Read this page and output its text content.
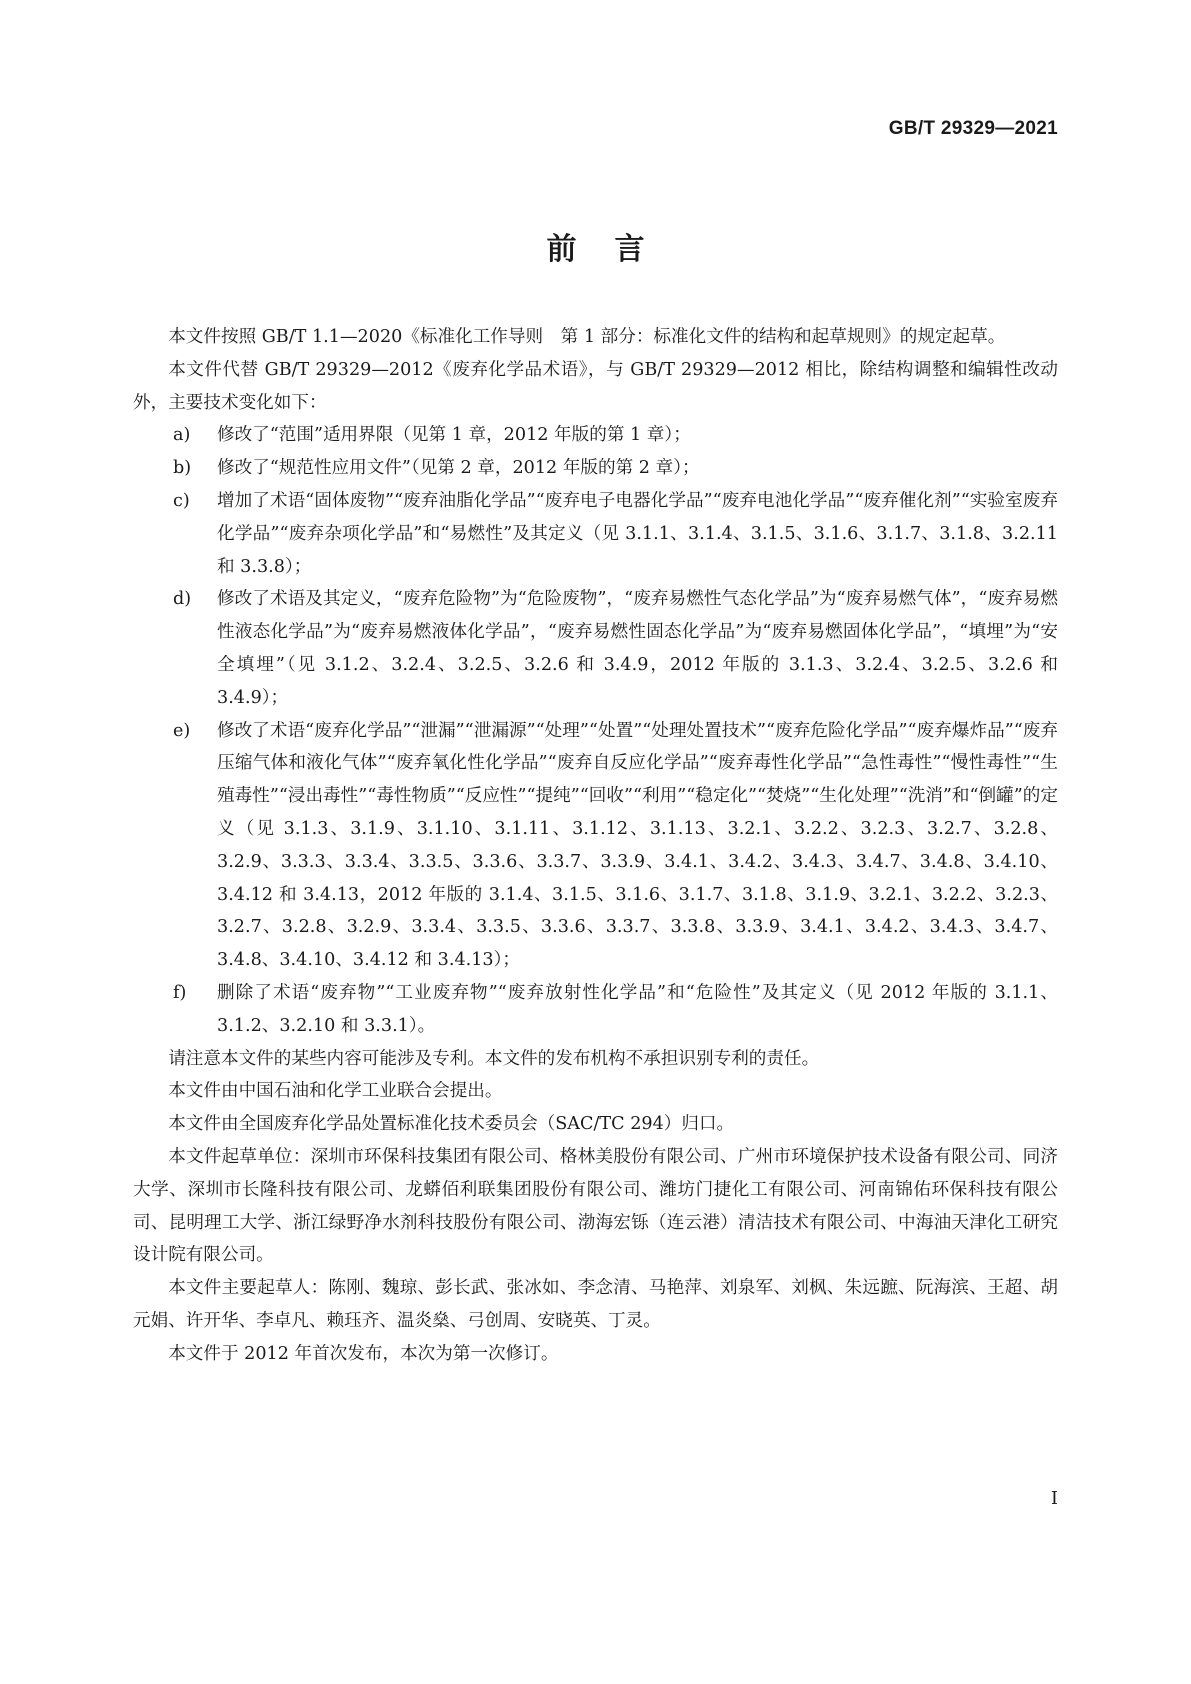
GB/T 29329—2021
前言

本文件按照 GB/T 1.1—2020《标准化工作导则　第 1 部分：标准化文件的结构和起草规则》的规定起草。

本文件代替 GB/T 29329—2012《废弃化学品术语》，与 GB/T 29329—2012 相比，除结构调整和编辑性改动外，主要技术变化如下：

a)	修改了“范围”适用界限（见第 1 章，2012 年版的第 1 章）；
b)	修改了“规范性应用文件”（见第 2 章，2012 年版的第 2 章）；
c)	增加了术语“固体废物”“废弃油脂化学品”“废弃电子电器化学品”“废弃电池化学品”“废弃催化剂”“实验室废弃化学品”“废弃杂项化学品”和“易燃性”及其定义（见 3.1.1、3.1.4、3.1.5、3.1.6、3.1.7、3.1.8、3.2.11 和 3.3.8）；
d)	修改了术语及其定义，“废弃危险物”为“危险废物”，“废弃易燃性气态化学品”为“废弃易燃气体”，“废弃易燃性液态化学品”为“废弃易燃液体化学品”，“废弃易燃性固态化学品”为“废弃易燃固体化学品”，“填埋”为“安全填埋”（见 3.1.2、3.2.4、3.2.5、3.2.6 和 3.4.9，2012 年版的 3.1.3、3.2.4、3.2.5、3.2.6 和 3.4.9）；
e)	修改了术语“废弃化学品”“泄漏”“泄漏源”“处理”“处置”“处理处置技术”“废弃危险化学品”“废弃爆炸品”“废弃压缩气体和液化气体”“废弃氧化性化学品”“废弃自反应化学品”“废弃毒性化学品”“急性毒性”“慢性毒性”“生殖毒性”“浸出毒性”“毒性物质”“反应性”“提纯”“回收”“利用”“稳定化”“焚烧”“生化处理”“洗消”和“倒罐”的定义（见 3.1.3、3.1.9、3.1.10、3.1.11、3.1.12、3.1.13、3.2.1、3.2.2、3.2.3、3.2.7、3.2.8、3.2.9、3.3.3、3.3.4、3.3.5、3.3.6、3.3.7、3.3.9、3.4.1、3.4.2、3.4.3、3.4.7、3.4.8、3.4.10、3.4.12 和 3.4.13，2012 年版的 3.1.4、3.1.5、3.1.6、3.1.7、3.1.8、3.1.9、3.2.1、3.2.2、3.2.3、3.2.7、3.2.8、3.2.9、3.3.4、3.3.5、3.3.6、3.3.7、3.3.8、3.3.9、3.4.1、3.4.2、3.4.3、3.4.7、3.4.8、3.4.10、3.4.12 和 3.4.13）；
f)	删除了术语“废弃物”“工业废弃物”“废弃放射性化学品”和“危险性”及其定义（见 2012 年版的 3.1.1、3.1.2、3.2.10 和 3.3.1）。

请注意本文件的某些内容可能涉及专利。本文件的发布机构不承担识别专利的责任。

本文件由中国石油和化学工业联合会提出。

本文件由全国废弃化学品处置标准化技术委员会（SAC/TC 294）归口。

本文件起草单位：深圳市环保科技集团有限公司、格林美股份有限公司、广州市环境保护技术设备有限公司、同济大学、深圳市长隆科技有限公司、龙蟒佰利联集团股份有限公司、潍坊门捷化工有限公司、河南锦佑环保科技有限公司、昆明理工大学、浙江绿野净水剂科技股份有限公司、渤海宏铄（连云港）清洁技术有限公司、中海油天津化工研究设计院有限公司。

本文件主要起草人：陈刚、魏琼、彭长武、张冰如、李念清、马艳萍、刘泉军、刘枫、朱远蹠、阮海滨、王超、胡元娟、许开华、李卓凡、赖珏齐、温炎燊、弓创周、安晓英、丁灵。

本文件于 2012 年首次发布，本次为第一次修订。

I
